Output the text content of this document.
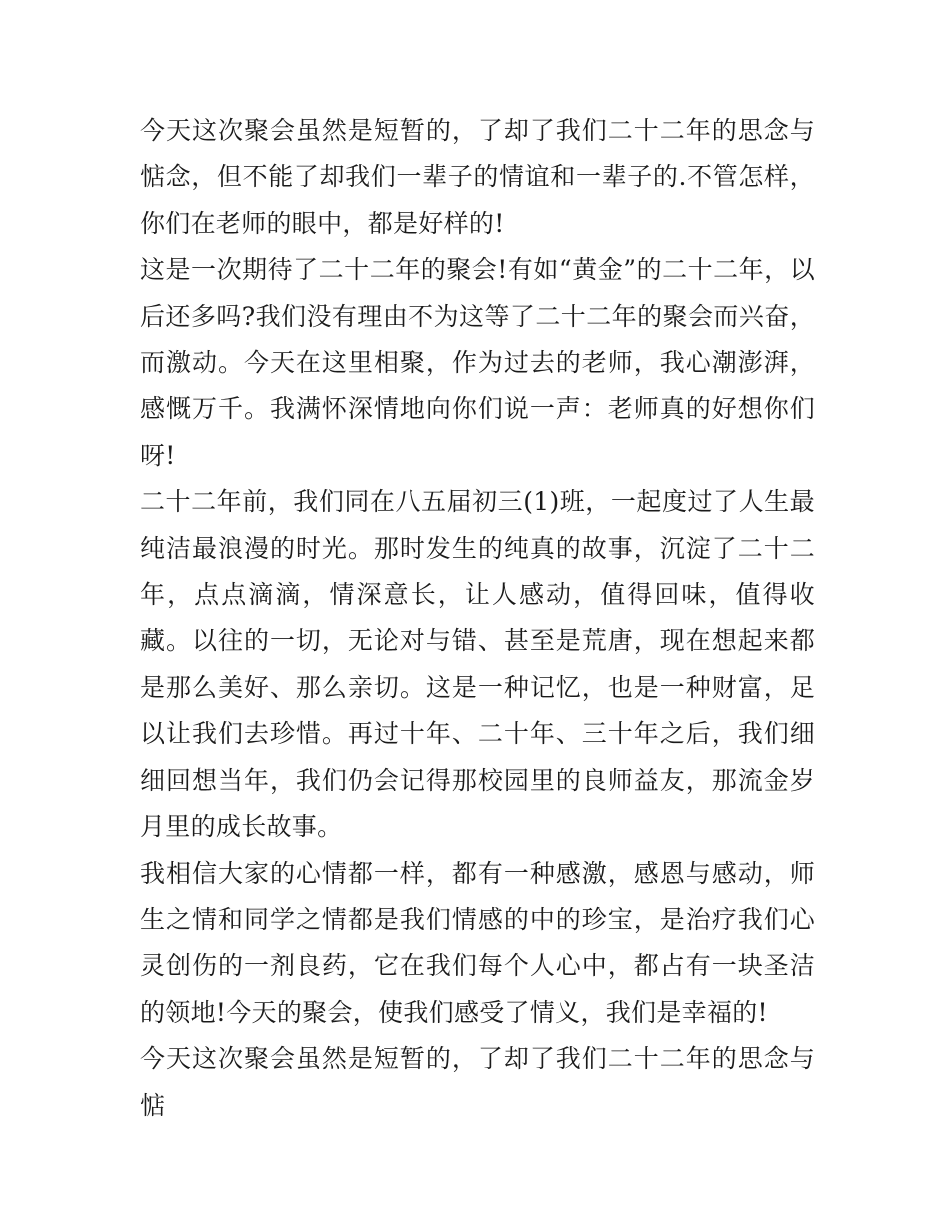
今天这次聚会虽然是短暂的，了却了我们二十二年的思念与惦念，但不能了却我们一辈子的情谊和一辈子的.不管怎样，你们在老师的眼中，都是好样的!

这是一次期待了二十二年的聚会!有如“黄金”的二十二年，以后还多吗?我们没有理由不为这等了二十二年的聚会而兴奋，而激动。今天在这里相聚，作为过去的老师，我心潮澎湃，感慨万千。我满怀深情地向你们说一声：老师真的好想你们呀!

二十二年前，我们同在八五届初三(1)班，一起度过了人生最纯洁最浪漫的时光。那时发生的纯真的故事，沉淀了二十二年，点点滴滴，情深意长，让人感动，值得回味，值得收藏。以往的一切，无论对与错、甚至是荒唐，现在想起来都是那么美好、那么亲切。这是一种记忆，也是一种财富，足以让我们去珍惜。再过十年、二十年、三十年之后，我们细细回想当年，我们仍会记得那校园里的良师益友，那流金岁月里的成长故事。

我相信大家的心情都一样，都有一种感激，感恩与感动，师生之情和同学之情都是我们情感的中的珍宝，是治疗我们心灵创伤的一剂良药，它在我们每个人心中，都占有一块圣洁的领地!今天的聚会，使我们感受了情义，我们是幸福的!

今天这次聚会虽然是短暂的，了却了我们二十二年的思念与惦
